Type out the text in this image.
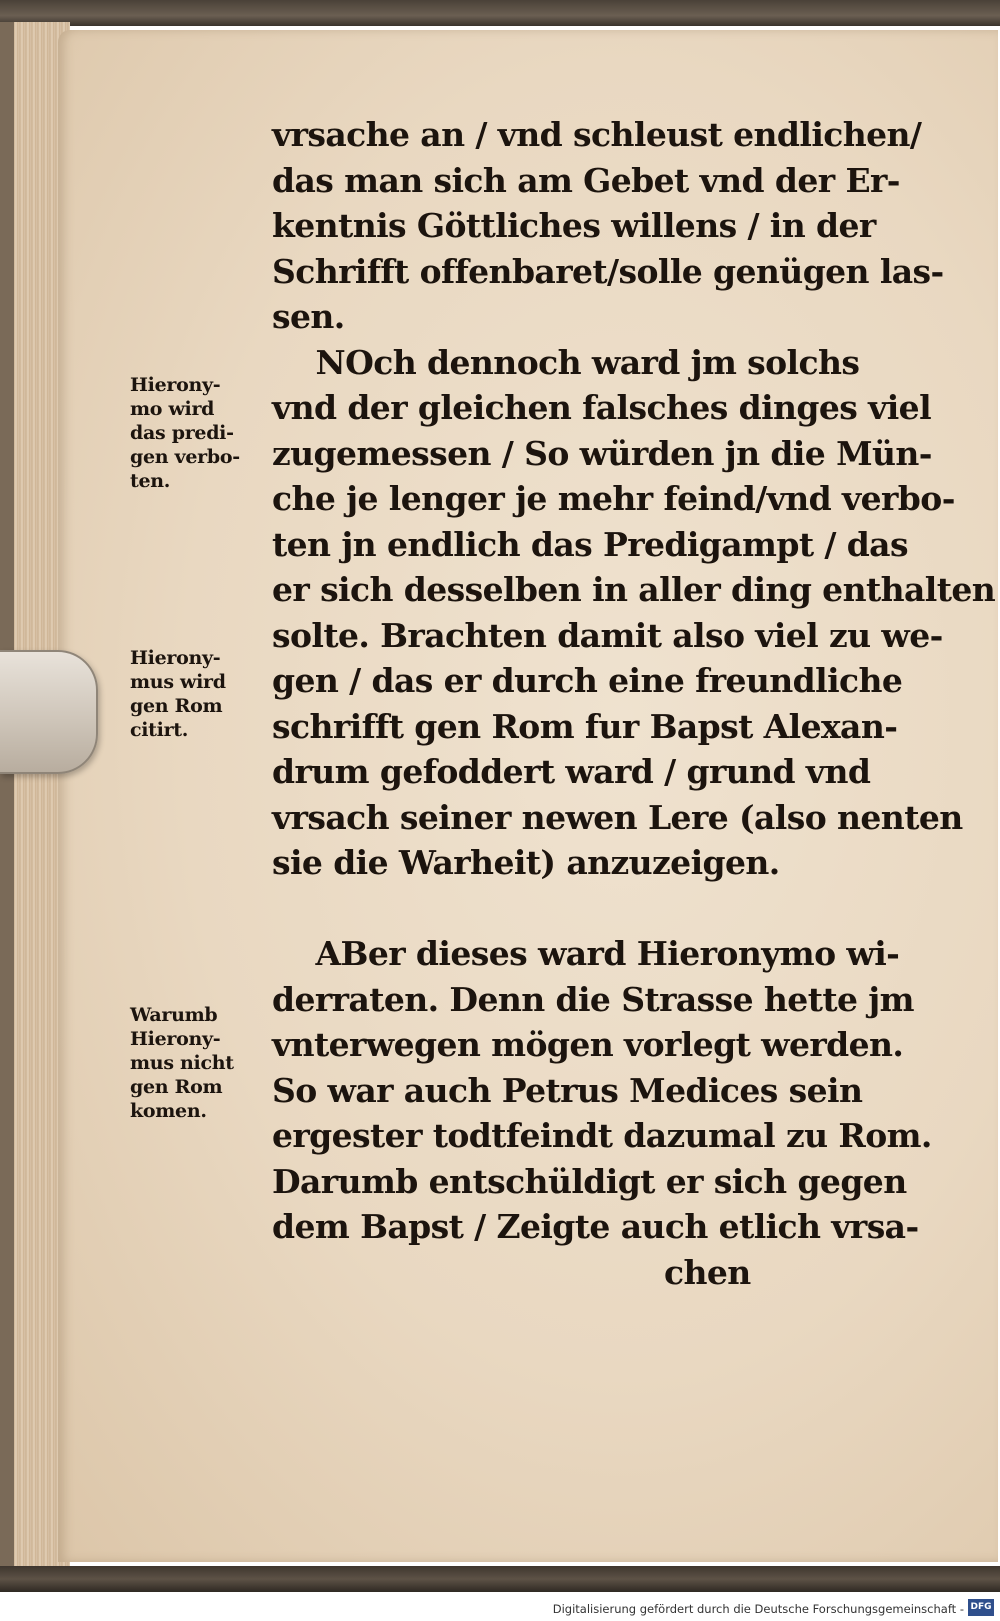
vrsache an / vnd schleust endlichen/
das man sich am Gebet vnd der Er-
kentnis Göttliches willens / in der
Schrifft offenbaret/solle genügen las-
sen.
NOch dennoch ward jm solchs
vnd der gleichen falsches dinges viel
zugemessen / So würden jn die Mün-
che je lenger je mehr feind/vnd verbo-
ten jn endlich das Predigampt / das
er sich desselben in aller ding enthalten
solte. Brachten damit also viel zu we-
gen / das er durch eine freundliche
schrifft gen Rom fur Bapst Alexan-
drum gefoddert ward / grund vnd
vrsach seiner newen Lere (also nenten
sie die Warheit) anzuzeigen.

ABer dieses ward Hieronymo wi-
derraten. Denn die Strasse hette jm
vnterwegen mögen vorlegt werden.
So war auch Petrus Medices sein
ergester todtfeindt dazumal zu Rom.
Darumb entschüldigt er sich gegen
dem Bapst / Zeigte auch etlich vrsa-
chen

Hierony-
mo wird
das predi-
gen verbo-
ten.
Hierony-
mus wird
gen Rom
citirt.
Warumb
Hierony-
mus nicht
gen Rom
komen.
Digitalisierung gefördert durch die Deutsche Forschungsgemeinschaft - DFG
